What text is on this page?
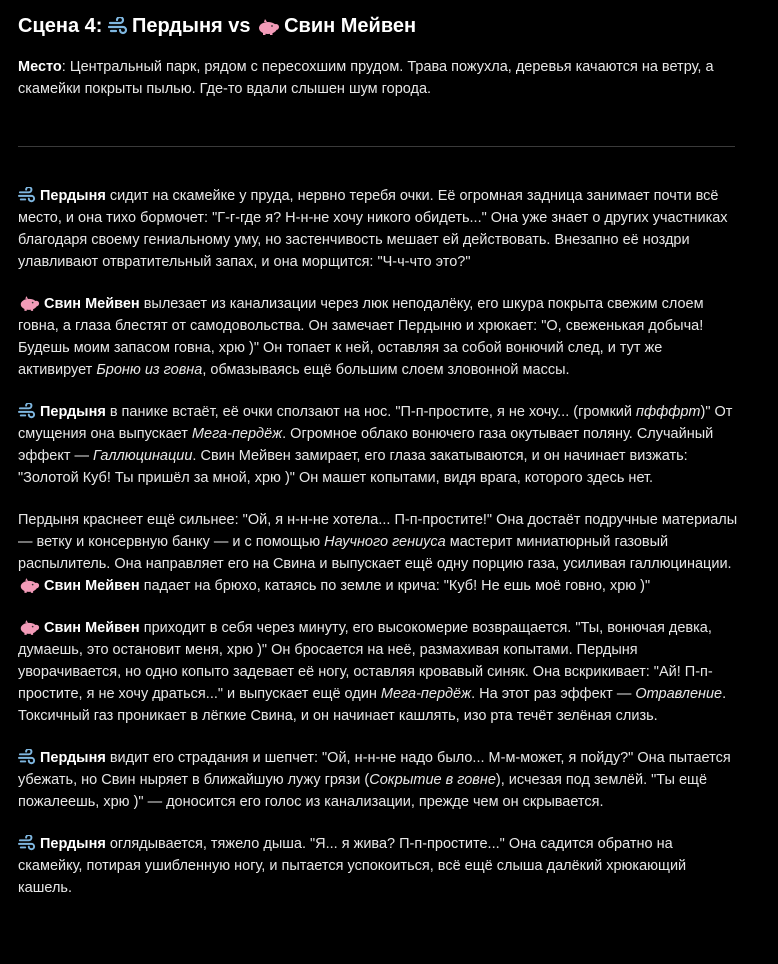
Сцена 4: Пердыня vs Свин Мейвен

Место: Центральный парк, рядом с пересохшим прудом. Трава пожухла, деревья качаются на ветру, а скамейки покрыты пылью. Где-то вдали слышен шум города.

Пердыня сидит на скамейке у пруда, нервно теребя очки. Её огромная задница занимает почти всё место, и она тихо бормочет: "Г-г-где я? Н-н-не хочу никого обидеть..." Она уже знает о других участниках благодаря своему гениальному уму, но застенчивость мешает ей действовать. Внезапно её ноздри улавливают отвратительный запах, и она морщится: "Ч-ч-что это?"

Свин Мейвен вылезает из канализации через люк неподалёку, его шкура покрыта свежим слоем говна, а глаза блестят от самодовольства. Он замечает Пердыню и хрюкает: "О, свеженькая добыча! Будешь моим запасом говна, хрю )" Он топает к ней, оставляя за собой вонючий след, и тут же активирует Броню из говна, обмазываясь ещё большим слоем зловонной массы.

Пердыня в панике встаёт, её очки сползают на нос. "П-п-простите, я не хочу... (громкий пфффрт)" От смущения она выпускает Мега-пердёж. Огромное облако вонючего газа окутывает поляну. Случайный эффект — Галлюцинации. Свин Мейвен замирает, его глаза закатываются, и он начинает визжать: "Золотой Куб! Ты пришёл за мной, хрю )" Он машет копытами, видя врага, которого здесь нет.

Пердыня краснеет ещё сильнее: "Ой, я н-н-не хотела... П-п-простите!" Она достаёт подручные материалы — ветку и консервную банку — и с помощью Научного гениуса мастерит миниатюрный газовый распылитель. Она направляет его на Свина и выпускает ещё одну порцию газа, усиливая галлюцинации.
Свин Мейвен падает на брюхо, катаясь по земле и крича: "Куб! Не ешь моё говно, хрю )"

Свин Мейвен приходит в себя через минуту, его высокомерие возвращается. "Ты, вонючая девка, думаешь, это остановит меня, хрю )" Он бросается на неё, размахивая копытами. Пердыня уворачивается, но одно копыто задевает её ногу, оставляя кровавый синяк. Она вскрикивает: "Ай! П-п-простите, я не хочу драться..." и выпускает ещё один Мега-пердёж. На этот раз эффект — Отравление. Токсичный газ проникает в лёгкие Свина, и он начинает кашлять, изо рта течёт зелёная слизь.

Пердыня видит его страдания и шепчет: "Ой, н-н-не надо было... М-м-может, я пойду?" Она пытается убежать, но Свин ныряет в ближайшую лужу грязи (Сокрытие в говне), исчезая под землёй. "Ты ещё пожалеешь, хрю )" — доносится его голос из канализации, прежде чем он скрывается.

Пердыня оглядывается, тяжело дыша. "Я... я жива? П-п-простите..." Она садится обратно на скамейку, потирая ушибленную ногу, и пытается успокоиться, всё ещё слыша далёкий хрюкающий кашель.
